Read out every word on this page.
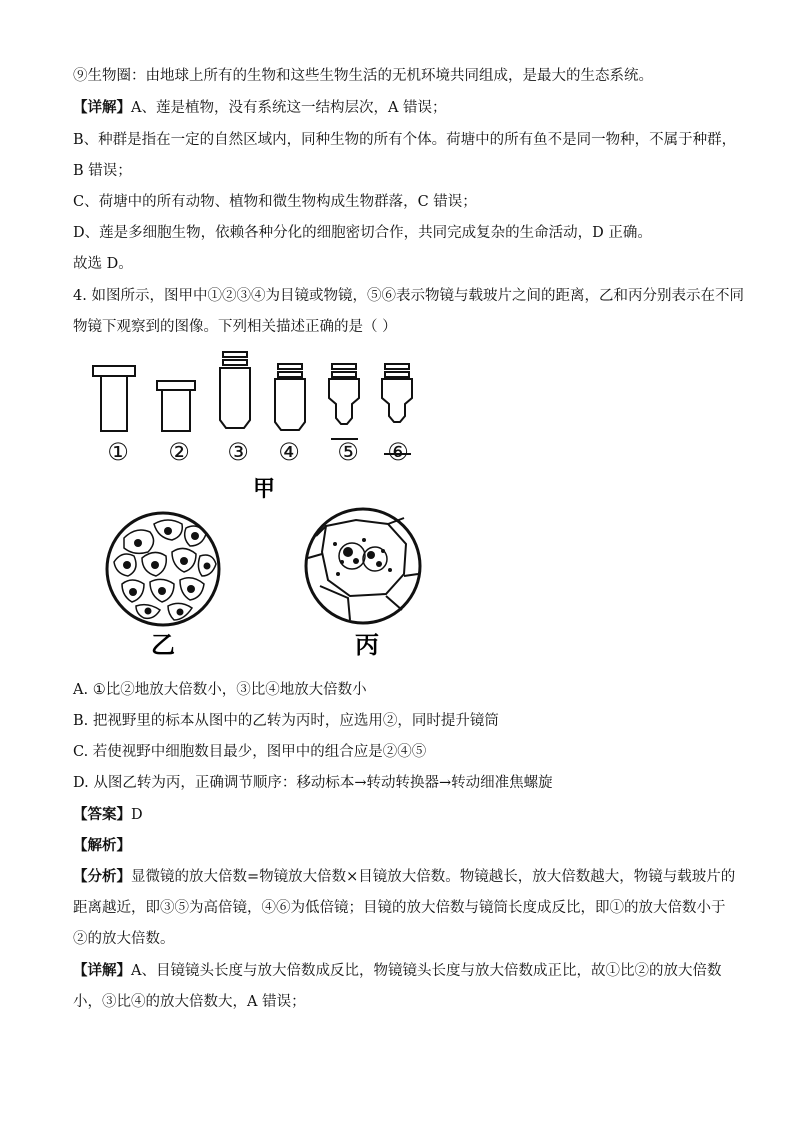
⑨生物圈：由地球上所有的生物和这些生物生活的无机环境共同组成，是最大的生态系统。
【详解】A、莲是植物，没有系统这一结构层次，A 错误；
B、种群是指在一定的自然区域内，同种生物的所有个体。荷塘中的所有鱼不是同一物种，不属于种群，
B 错误；
C、荷塘中的所有动物、植物和微生物构成生物群落，C 错误；
D、莲是多细胞生物，依赖各种分化的细胞密切合作，共同完成复杂的生命活动，D 正确。
故选 D。
4. 如图所示，图甲中①②③④为目镜或物镜，⑤⑥表示物镜与载玻片之间的距离，乙和丙分别表示在不同
物镜下观察到的图像。下列相关描述正确的是（ ）
① ② ③ ④ ⑤ ⑥
甲
乙	丙
A. ①比②地放大倍数小，③比④地放大倍数小
B. 把视野里的标本从图中的乙转为丙时，应选用②，同时提升镜筒
C. 若使视野中细胞数目最少，图甲中的组合应是②④⑤
D. 从图乙转为丙，正确调节顺序：移动标本→转动转换器→转动细准焦螺旋
【答案】D
【解析】
【分析】显微镜的放大倍数=物镜放大倍数×目镜放大倍数。物镜越长，放大倍数越大，物镜与载玻片的
距离越近，即③⑤为高倍镜，④⑥为低倍镜；目镜的放大倍数与镜筒长度成反比，即①的放大倍数小于
②的放大倍数。
【详解】A、目镜镜头长度与放大倍数成反比，物镜镜头长度与放大倍数成正比，故①比②的放大倍数
小，③比④的放大倍数大，A 错误；
